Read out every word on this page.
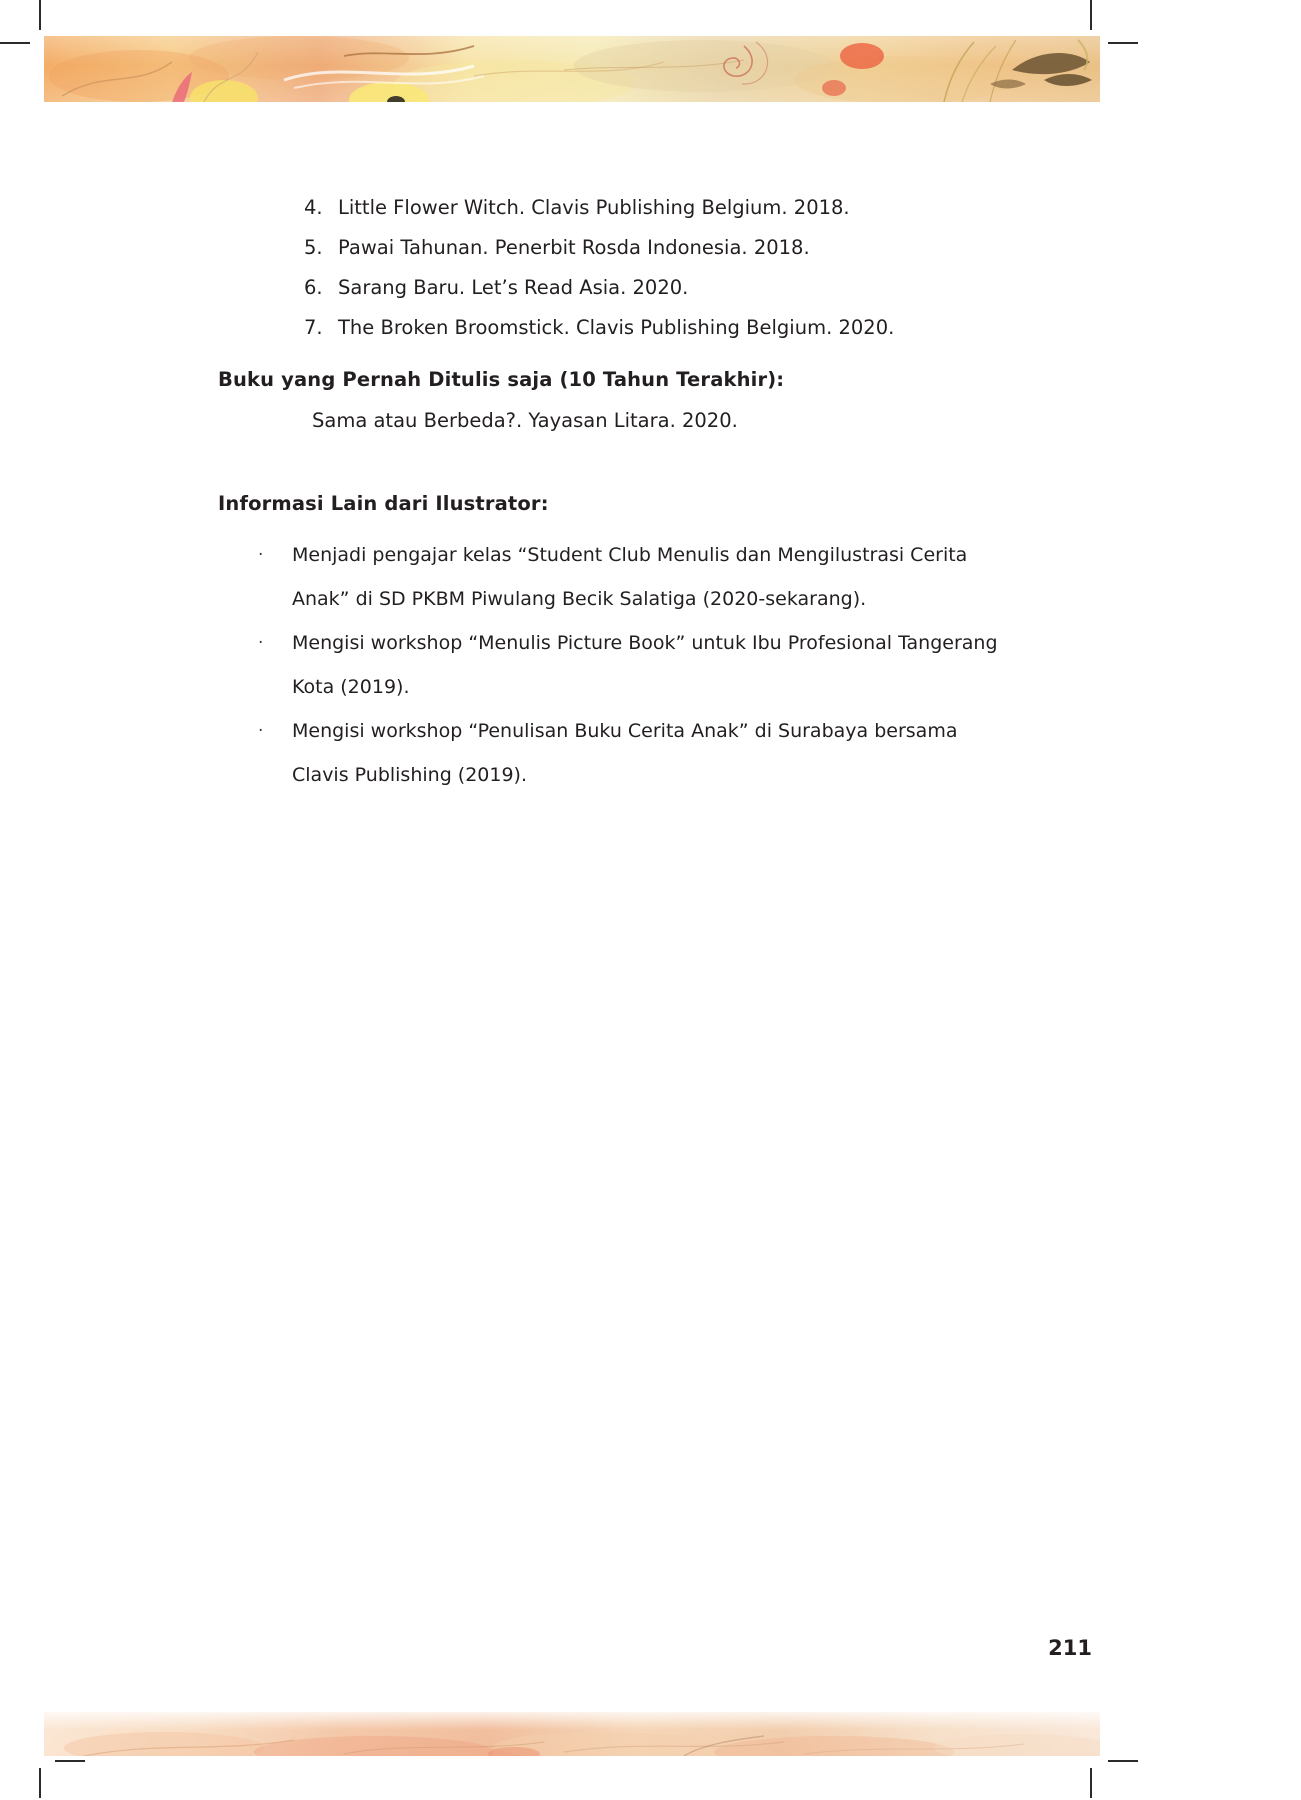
4. Little Flower Witch. Clavis Publishing Belgium. 2018.
5. Pawai Tahunan. Penerbit Rosda Indonesia. 2018.
6. Sarang Baru. Let’s Read Asia. 2020.
7. The Broken Broomstick. Clavis Publishing Belgium. 2020.
Buku yang Pernah Ditulis saja (10 Tahun Terakhir):
Sama atau Berbeda?. Yayasan Litara. 2020.
Informasi Lain dari Ilustrator:
·	Menjadi pengajar kelas “Student Club Menulis dan Mengilustrasi Cerita Anak” di SD PKBM Piwulang Becik Salatiga (2020-sekarang).
·	Mengisi workshop “Menulis Picture Book” untuk Ibu Profesional Tangerang Kota (2019).
·	Mengisi workshop “Penulisan Buku Cerita Anak” di Surabaya bersama Clavis Publishing (2019).
211
